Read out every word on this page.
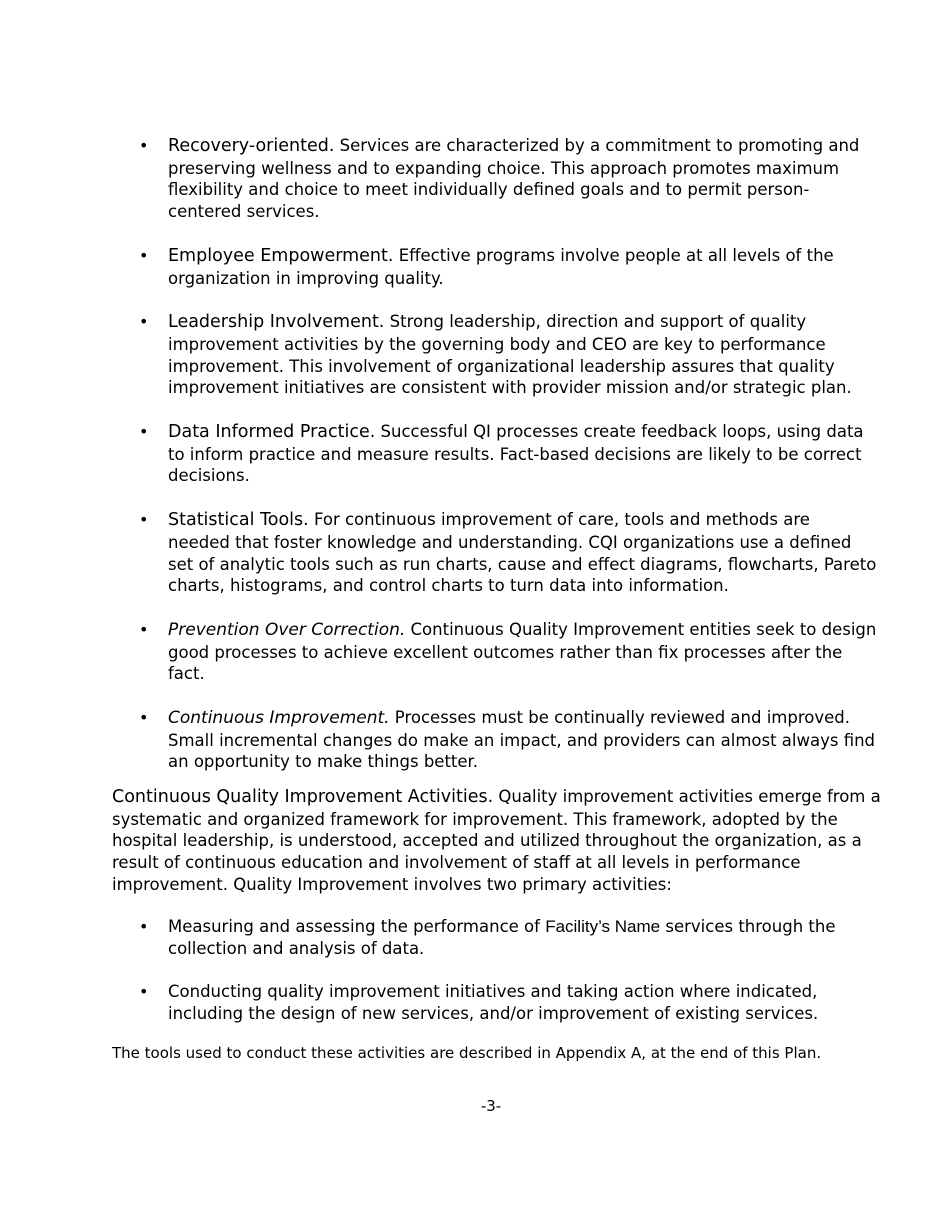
• Recovery-oriented. Services are characterized by a commitment to promoting and preserving wellness and to expanding choice. This approach promotes maximum flexibility and choice to meet individually defined goals and to permit person-centered services.
• Employee Empowerment. Effective programs involve people at all levels of the organization in improving quality.
• Leadership Involvement. Strong leadership, direction and support of quality improvement activities by the governing body and CEO are key to performance improvement. This involvement of organizational leadership assures that quality improvement initiatives are consistent with provider mission and/or strategic plan.
• Data Informed Practice. Successful QI processes create feedback loops, using data to inform practice and measure results. Fact-based decisions are likely to be correct decisions.
• Statistical Tools. For continuous improvement of care, tools and methods are needed that foster knowledge and understanding. CQI organizations use a defined set of analytic tools such as run charts, cause and effect diagrams, flowcharts, Pareto charts, histograms, and control charts to turn data into information.
• Prevention Over Correction. Continuous Quality Improvement entities seek to design good processes to achieve excellent outcomes rather than fix processes after the fact.
• Continuous Improvement. Processes must be continually reviewed and improved. Small incremental changes do make an impact, and providers can almost always find an opportunity to make things better.

Continuous Quality Improvement Activities. Quality improvement activities emerge from a systematic and organized framework for improvement. This framework, adopted by the hospital leadership, is understood, accepted and utilized throughout the organization, as a result of continuous education and involvement of staff at all levels in performance improvement. Quality Improvement involves two primary activities:

• Measuring and assessing the performance of Facility’s Name services through the collection and analysis of data.
• Conducting quality improvement initiatives and taking action where indicated, including the design of new services, and/or improvement of existing services.

The tools used to conduct these activities are described in Appendix A, at the end of this Plan.

-3-
